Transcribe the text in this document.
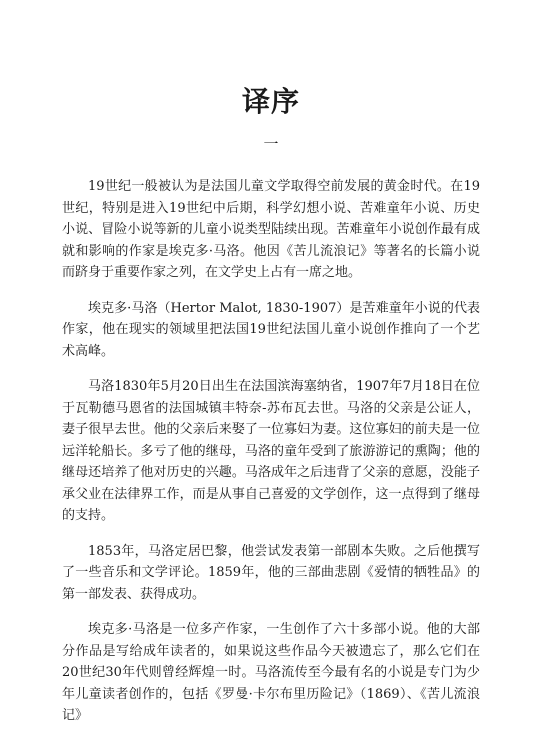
译序
一

19世纪一般被认为是法国儿童文学取得空前发展的黄金时代。在19世纪，特别是进入19世纪中后期，科学幻想小说、苦难童年小说、历史小说、冒险小说等新的儿童小说类型陆续出现。苦难童年小说创作最有成就和影响的作家是埃克多·马洛。他因《苦儿流浪记》等著名的长篇小说而跻身于重要作家之列，在文学史上占有一席之地。

埃克多·马洛（Hertor Malot, 1830-1907）是苦难童年小说的代表作家，他在现实的领域里把法国19世纪法国儿童小说创作推向了一个艺术高峰。

马洛1830年5月20日出生在法国滨海塞纳省，1907年7月18日在位于瓦勒德马恩省的法国城镇丰特奈-苏布瓦去世。马洛的父亲是公证人，妻子很早去世。他的父亲后来娶了一位寡妇为妻。这位寡妇的前夫是一位远洋轮船长。多亏了他的继母，马洛的童年受到了旅游游记的熏陶；他的继母还培养了他对历史的兴趣。马洛成年之后违背了父亲的意愿，没能子承父业在法律界工作，而是从事自己喜爱的文学创作，这一点得到了继母的支持。

1853年，马洛定居巴黎，他尝试发表第一部剧本失败。之后他撰写了一些音乐和文学评论。1859年，他的三部曲悲剧《爱情的牺牲品》的第一部发表、获得成功。

埃克多·马洛是一位多产作家，一生创作了六十多部小说。他的大部分作品是写给成年读者的，如果说这些作品今天被遗忘了，那么它们在20世纪30年代则曾经辉煌一时。马洛流传至今最有名的小说是专门为少年儿童读者创作的，包括《罗曼·卡尔布里历险记》（1869）、《苦儿流浪记》
